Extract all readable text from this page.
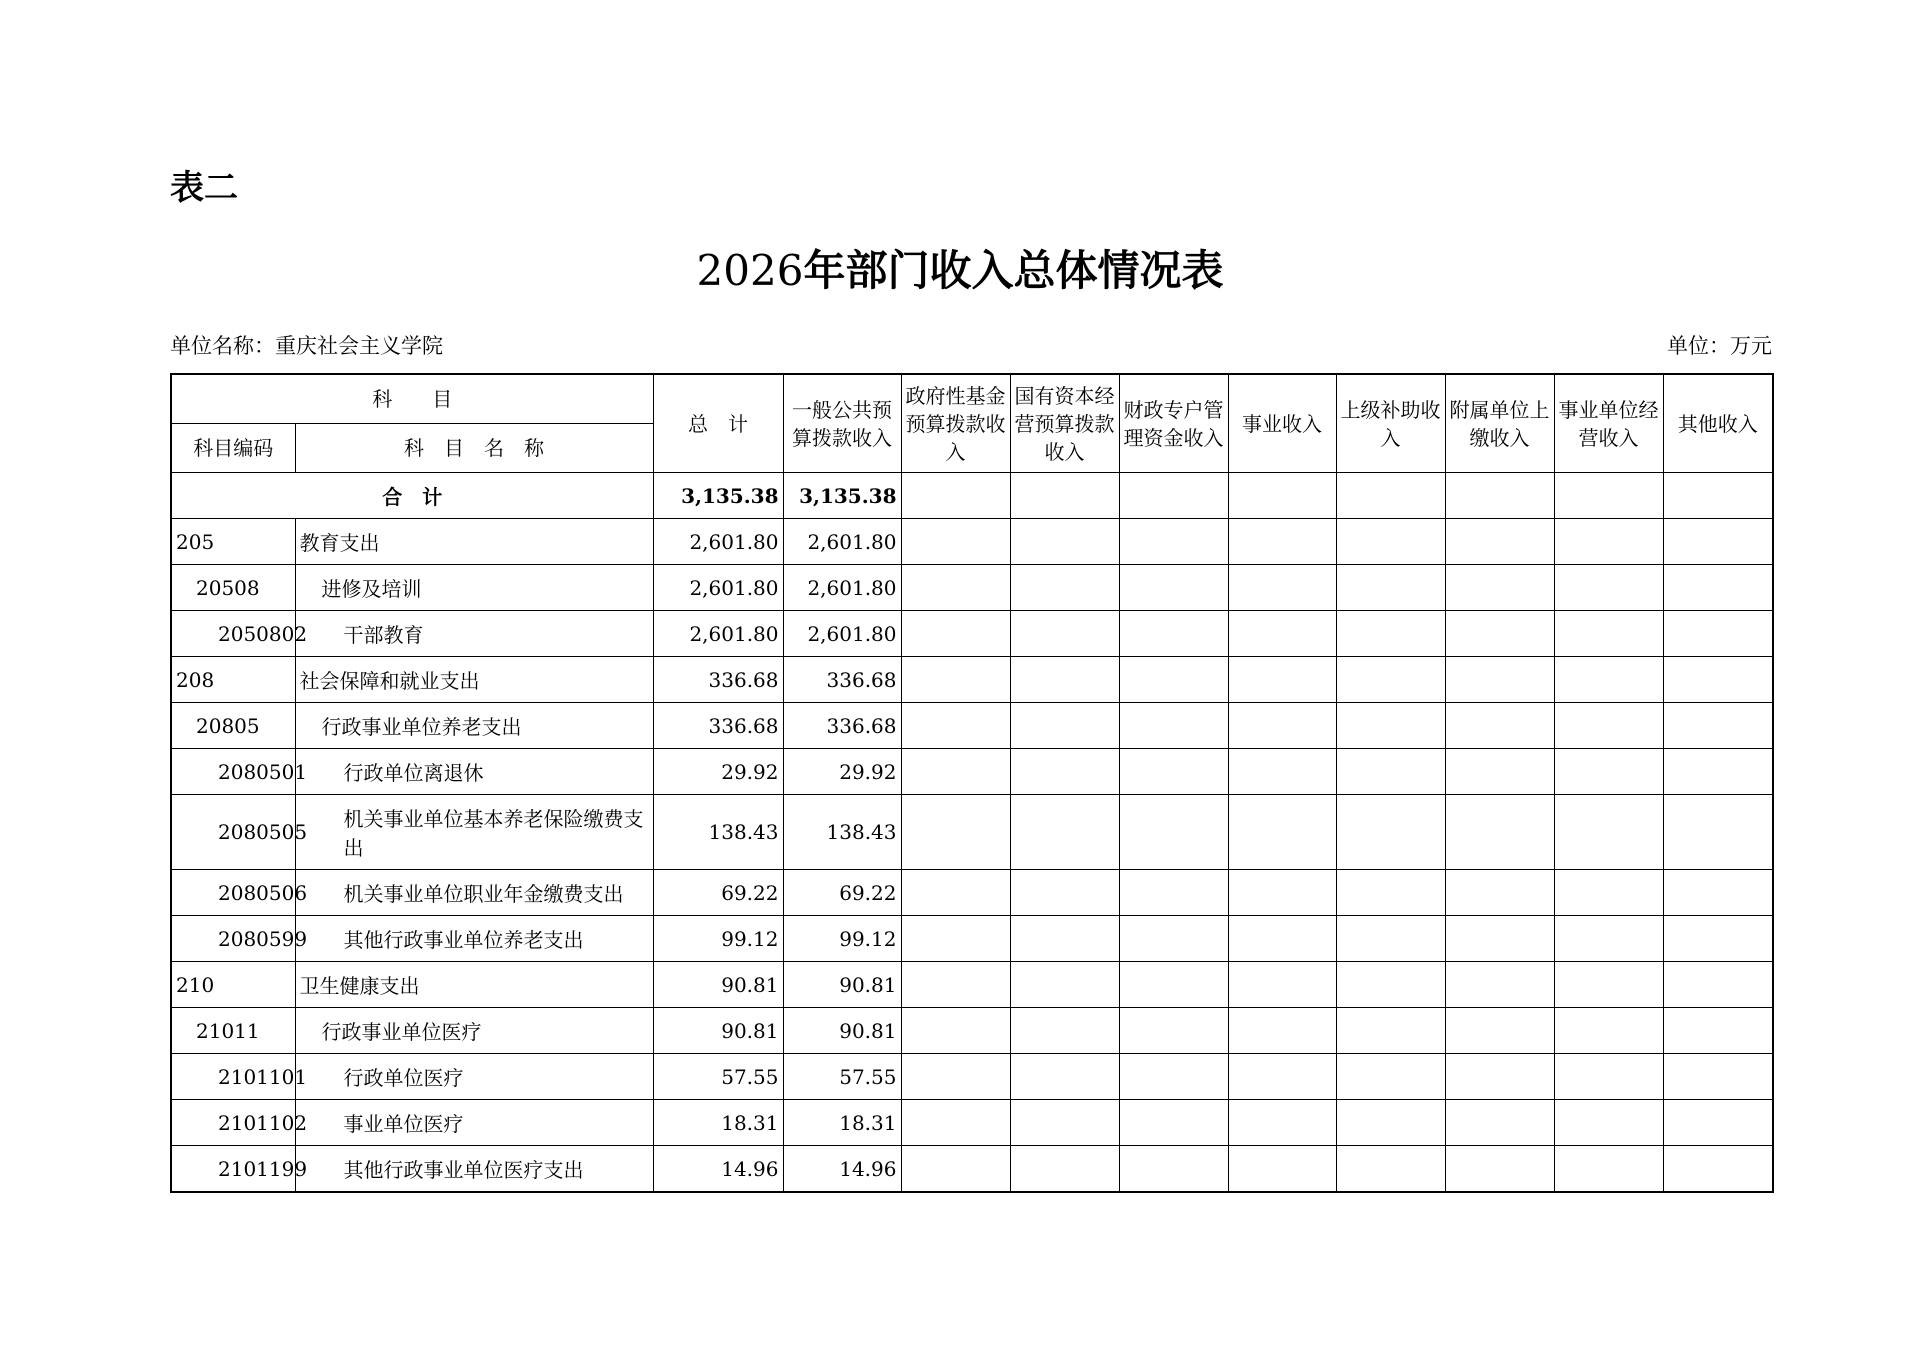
表二
2026年部门收入总体情况表
单位名称：重庆社会主义学院	单位：万元
科　　目		总　计	一般公共预算拨款收入	政府性基金预算拨款收入	国有资本经营预算拨款收入	财政专户管理资金收入	事业收入	上级补助收入	附属单位上缴收入	事业单位经营收入	其他收入
科目编码	科　目　名　称										
合　计		3,135.38	3,135.38								
205	教育支出	2,601.80	2,601.80								
20508	进修及培训	2,601.80	2,601.80								
2050802	干部教育	2,601.80	2,601.80								
208	社会保障和就业支出	336.68	336.68								
20805	行政事业单位养老支出	336.68	336.68								
2080501	行政单位离退休	29.92	29.92								
2080505	机关事业单位基本养老保险缴费支出	138.43	138.43								
2080506	机关事业单位职业年金缴费支出	69.22	69.22								
2080599	其他行政事业单位养老支出	99.12	99.12								
210	卫生健康支出	90.81	90.81								
21011	行政事业单位医疗	90.81	90.81								
2101101	行政单位医疗	57.55	57.55								
2101102	事业单位医疗	18.31	18.31								
2101199	其他行政事业单位医疗支出	14.96	14.96								
